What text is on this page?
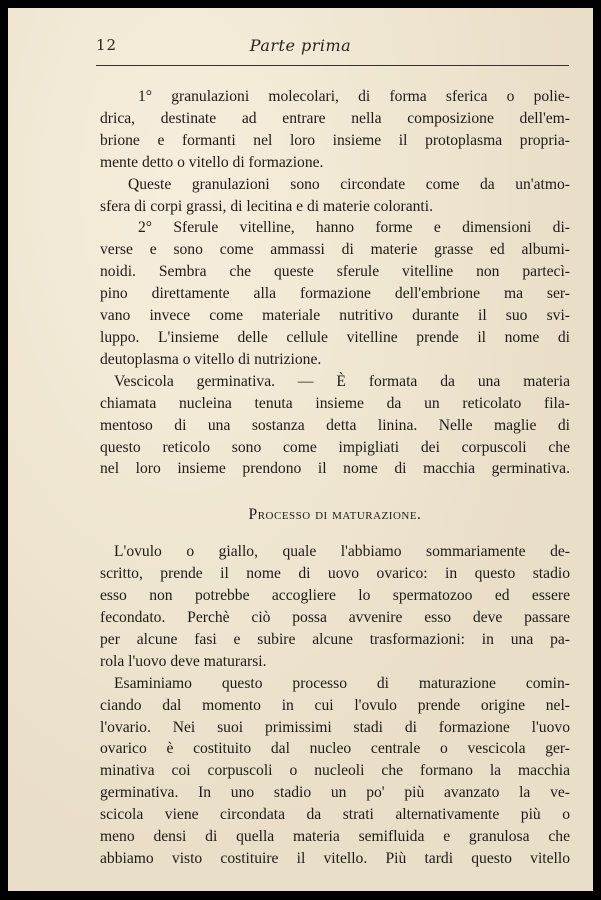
12	Parte prima
1° granulazioni molecolari, di forma sferica o polie-
drica, destinate ad entrare nella composizione dell'em-
brione e formanti nel loro insieme il protoplasma propria-
mente detto o vitello di formazione.
Queste granulazioni sono circondate come da un'atmo-
sfera di corpi grassi, di lecitina e di materie coloranti.
2° Sferule vitelline, hanno forme e dimensioni di-
verse e sono come ammassi di materie grasse ed albumi-
noidi. Sembra che queste sferule vitelline non partecì-
pino direttamente alla formazione dell'embrione ma ser-
vano invece come materiale nutritivo durante il suo svi-
luppo. L'insieme delle cellule vitelline prende il nome di
deutoplasma o vitello di nutrizione.
Vescicola germinativa. — È formata da una materia
chiamata nucleina tenuta insieme da un reticolato fila-
mentoso di una sostanza detta linina. Nelle maglie di
questo reticolo sono come impigliati dei corpuscoli che
nel loro insieme prendono il nome di macchia germinativa.
Processo di maturazione.
L'ovulo o giallo, quale l'abbiamo sommariamente de-
scritto, prende il nome di uovo ovarico: in questo stadio
esso non potrebbe accogliere lo spermatozoo ed essere
fecondato. Perchè ciò possa avvenire esso deve passare
per alcune fasi e subire alcune trasformazioni: in una pa-
rola l'uovo deve maturarsi.
Esaminiamo questo processo di maturazione comin-
ciando dal momento in cui l'ovulo prende origine nel-
l'ovario. Nei suoi primissimi stadi di formazione l'uovo
ovarico è costituito dal nucleo centrale o vescicola ger-
minativa coi corpuscoli o nucleoli che formano la macchia
germinativa. In uno stadio un po' più avanzato la ve-
scicola viene circondata da strati alternativamente più o
meno densi di quella materia semifluida e granulosa che
abbiamo visto costituire il vitello. Più tardi questo vitello
